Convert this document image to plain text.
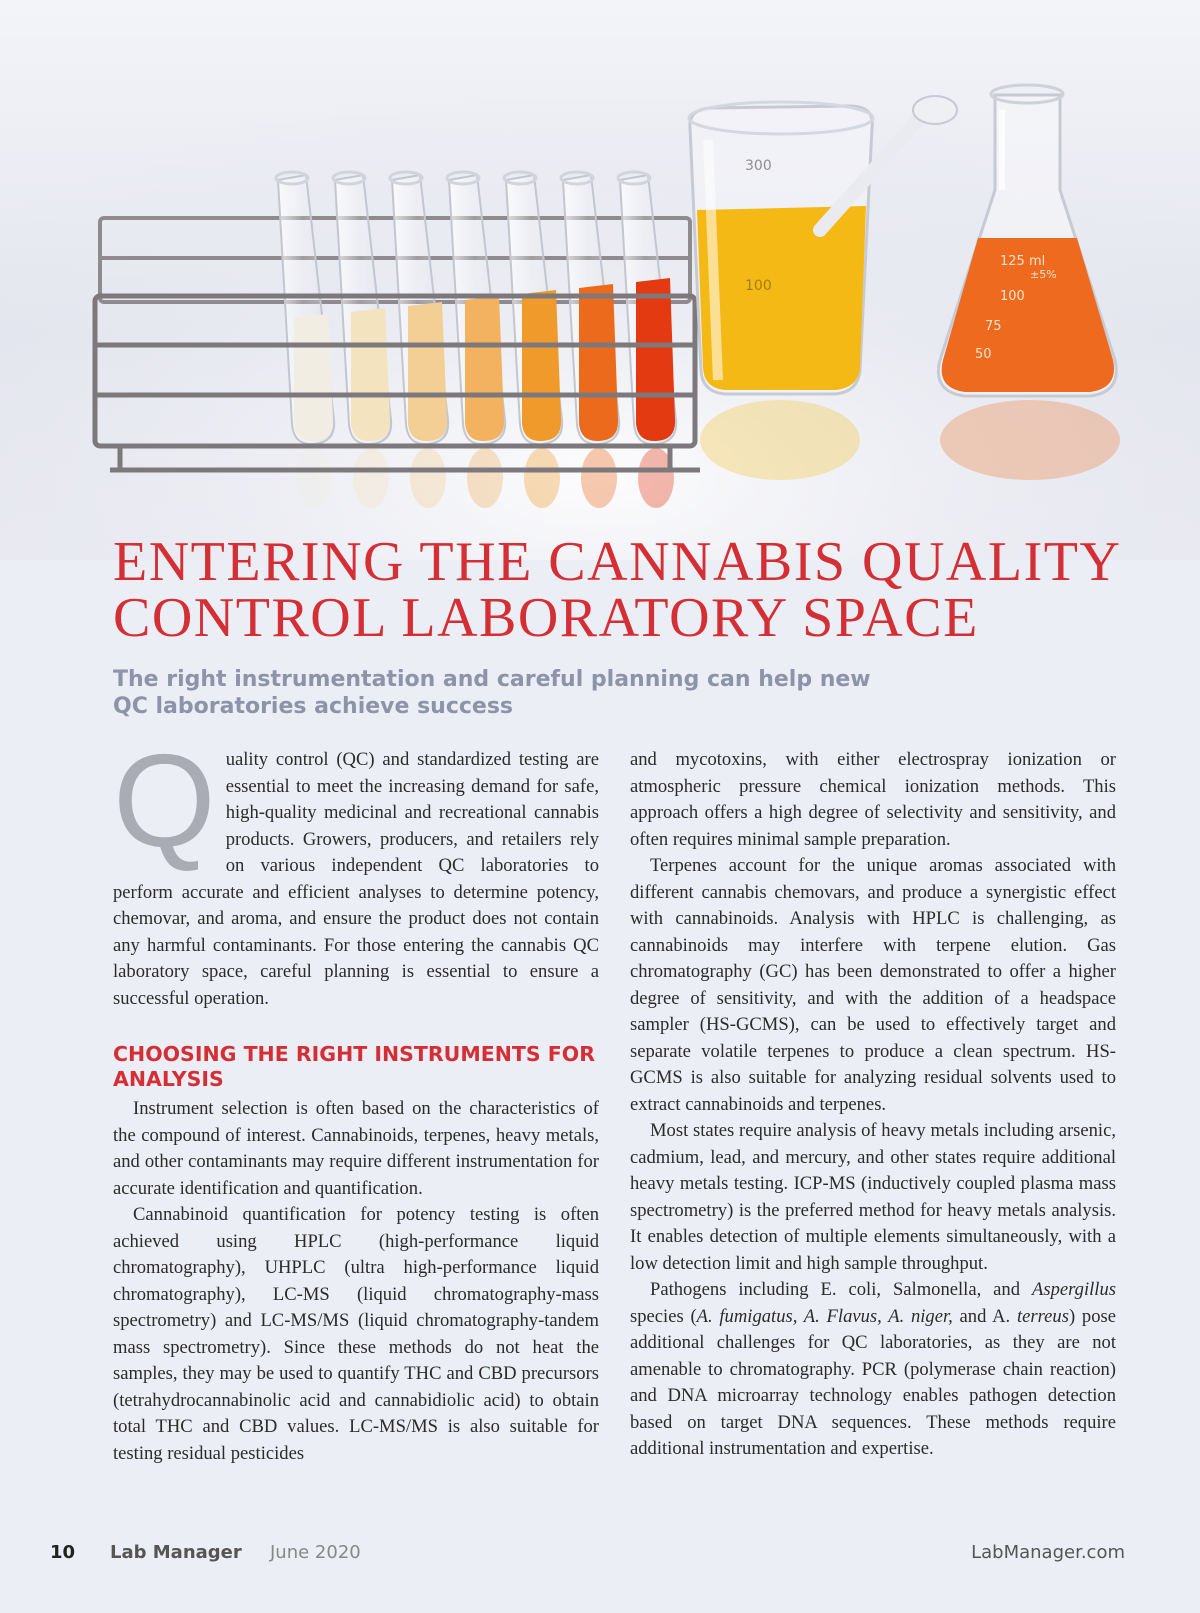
300
100
125 ml
±5%
100
75
50
ENTERING THE CANNABIS QUALITY
CONTROL LABORATORY SPACE
The right instrumentation and careful planning can help new
QC laboratories achieve success

Quality control (QC) and standardized testing are essential to meet the increasing demand for safe, high-quality medicinal and recreational cannabis products. Growers, producers, and retailers rely on various independent QC laboratories to perform accurate and efficient analyses to determine potency, chemovar, and aroma, and ensure the product does not contain any harmful contaminants. For those entering the cannabis QC laboratory space, careful planning is essential to ensure a successful operation.

CHOOSING THE RIGHT INSTRUMENTS FOR ANALYSIS

Instrument selection is often based on the characteristics of the compound of interest. Cannabinoids, terpenes, heavy metals, and other contaminants may require different instrumentation for accurate identification and quantification.

Cannabinoid quantification for potency testing is often achieved using HPLC (high-performance liquid chromatography), UHPLC (ultra high-performance liquid chromatography), LC-MS (liquid chromatography-mass spectrometry) and LC-MS/MS (liquid chromatography-tandem mass spectrometry). Since these methods do not heat the samples, they may be used to quantify THC and CBD precursors (tetrahydrocannabinolic acid and cannabidiolic acid) to obtain total THC and CBD values. LC-MS/MS is also suitable for testing residual pesticides

and mycotoxins, with either electrospray ionization or atmospheric pressure chemical ionization methods. This approach offers a high degree of selectivity and sensitivity, and often requires minimal sample preparation.

Terpenes account for the unique aromas associated with different cannabis chemovars, and produce a synergistic effect with cannabinoids. Analysis with HPLC is challenging, as cannabinoids may interfere with terpene elution. Gas chromatography (GC) has been demonstrated to offer a higher degree of sensitivity, and with the addition of a headspace sampler (HS-GCMS), can be used to effectively target and separate volatile terpenes to produce a clean spectrum. HS-GCMS is also suitable for analyzing residual solvents used to extract cannabinoids and terpenes.

Most states require analysis of heavy metals including arsenic, cadmium, lead, and mercury, and other states require additional heavy metals testing. ICP-MS (inductively coupled plasma mass spectrometry) is the preferred method for heavy metals analysis. It enables detection of multiple elements simultaneously, with a low detection limit and high sample throughput.

Pathogens including E. coli, Salmonella, and Aspergillus species (A. fumigatus, A. Flavus, A. niger, and A. terreus) pose additional challenges for QC laboratories, as they are not amenable to chromatography. PCR (polymerase chain reaction) and DNA microarray technology enables pathogen detection based on target DNA sequences. These methods require additional instrumentation and expertise.

10 Lab Manager June 2020	LabManager.com
